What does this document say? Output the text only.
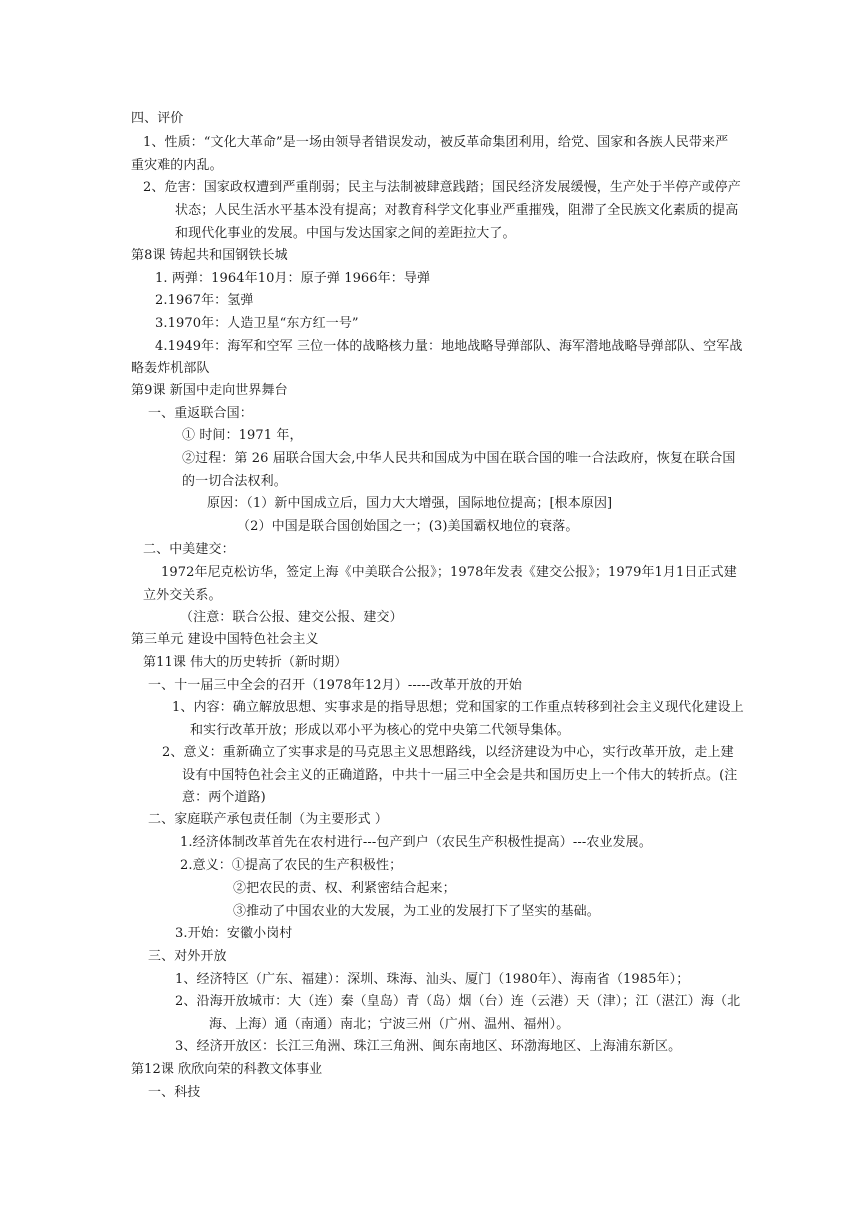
四、评价
1、性质：“文化大革命”是一场由领导者错误发动，被反革命集团利用，给党、国家和各族人民带来严
重灾难的内乱。
2、危害：国家政权遭到严重削弱；民主与法制被肆意践踏；国民经济发展缓慢，生产处于半停产或停产
状态；人民生活水平基本没有提高；对教育科学文化事业严重摧残，阻滞了全民族文化素质的提高
和现代化事业的发展。中国与发达国家之间的差距拉大了。
第8课 铸起共和国钢铁长城
1. 两弹：1964年10月：原子弹 1966年：导弹
2.1967年：氢弹
3.1970年：人造卫星“东方红一号”
4.1949年：海军和空军 三位一体的战略核力量：地地战略导弹部队、海军潜地战略导弹部队、空军战
略轰炸机部队
第9课 新国中走向世界舞台
一、重返联合国：
① 时间：1971 年，
②过程：第 26 届联合国大会,中华人民共和国成为中国在联合国的唯一合法政府，恢复在联合国
的一切合法权利。
原因：（1）新中国成立后，国力大大增强，国际地位提高；[根本原因]
（2）中国是联合国创始国之一；(3)美国霸权地位的衰落。
二、中美建交：
1972年尼克松访华，签定上海《中美联合公报》；1978年发表《建交公报》；1979年1月1日正式建
立外交关系。
（注意：联合公报、建交公报、建交）
第三单元 建设中国特色社会主义
第11课 伟大的历史转折（新时期）
一、十一届三中全会的召开（1978年12月）-----改革开放的开始
1、内容：确立解放思想、实事求是的指导思想；党和国家的工作重点转移到社会主义现代化建设上
和实行改革开放；形成以邓小平为核心的党中央第二代领导集体。
2、意义：重新确立了实事求是的马克思主义思想路线，以经济建设为中心，实行改革开放，走上建
设有中国特色社会主义的正确道路，中共十一届三中全会是共和国历史上一个伟大的转折点。(注
意：两个道路)
二、家庭联产承包责任制（为主要形式 ）
1.经济体制改革首先在农村进行---包产到户（农民生产积极性提高）---农业发展。
2.意义：①提高了农民的生产积极性；
②把农民的责、权、利紧密结合起来；
③推动了中国农业的大发展，为工业的发展打下了坚实的基础。
3.开始：安徽小岗村
三、对外开放
1、经济特区（广东、福建）：深圳、珠海、汕头、厦门（1980年）、海南省（1985年）；
2、沿海开放城市：大（连）秦（皇岛）青（岛）烟（台）连（云港）天（津）；江（湛江）海（北
海、上海）通（南通）南北；宁波三州（广州、温州、福州）。
3、经济开放区：长江三角洲、珠江三角洲、闽东南地区、环渤海地区、上海浦东新区。
第12课 欣欣向荣的科教文体事业
一、科技
